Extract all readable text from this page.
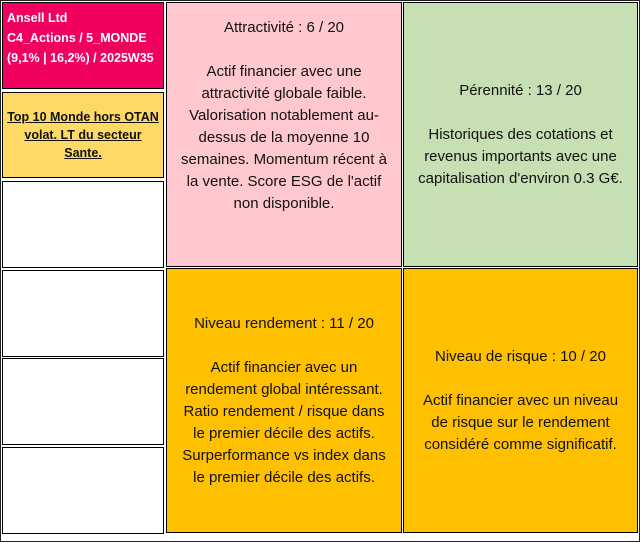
Ansell Ltd
C4_Actions / 5_MONDE
(9,1% | 16,2%) / 2025W35
Top 10 Monde hors OTAN volat. LT du secteur Sante.
Attractivité : 6 / 20
Actif financier avec une attractivité globale faible. Valorisation notablement au-dessus de la moyenne 10 semaines. Momentum récent à la vente. Score ESG de l'actif non disponible.
Pérennité : 13 / 20
Historiques des cotations et revenus importants avec une capitalisation d'environ 0.3 G€.
Niveau rendement : 11 / 20
Actif financier avec un rendement global intéressant. Ratio rendement / risque dans le premier décile des actifs. Surperformance vs index dans le premier décile des actifs.
Niveau de risque : 10 / 20
Actif financier avec un niveau de risque sur le rendement considéré comme significatif.
